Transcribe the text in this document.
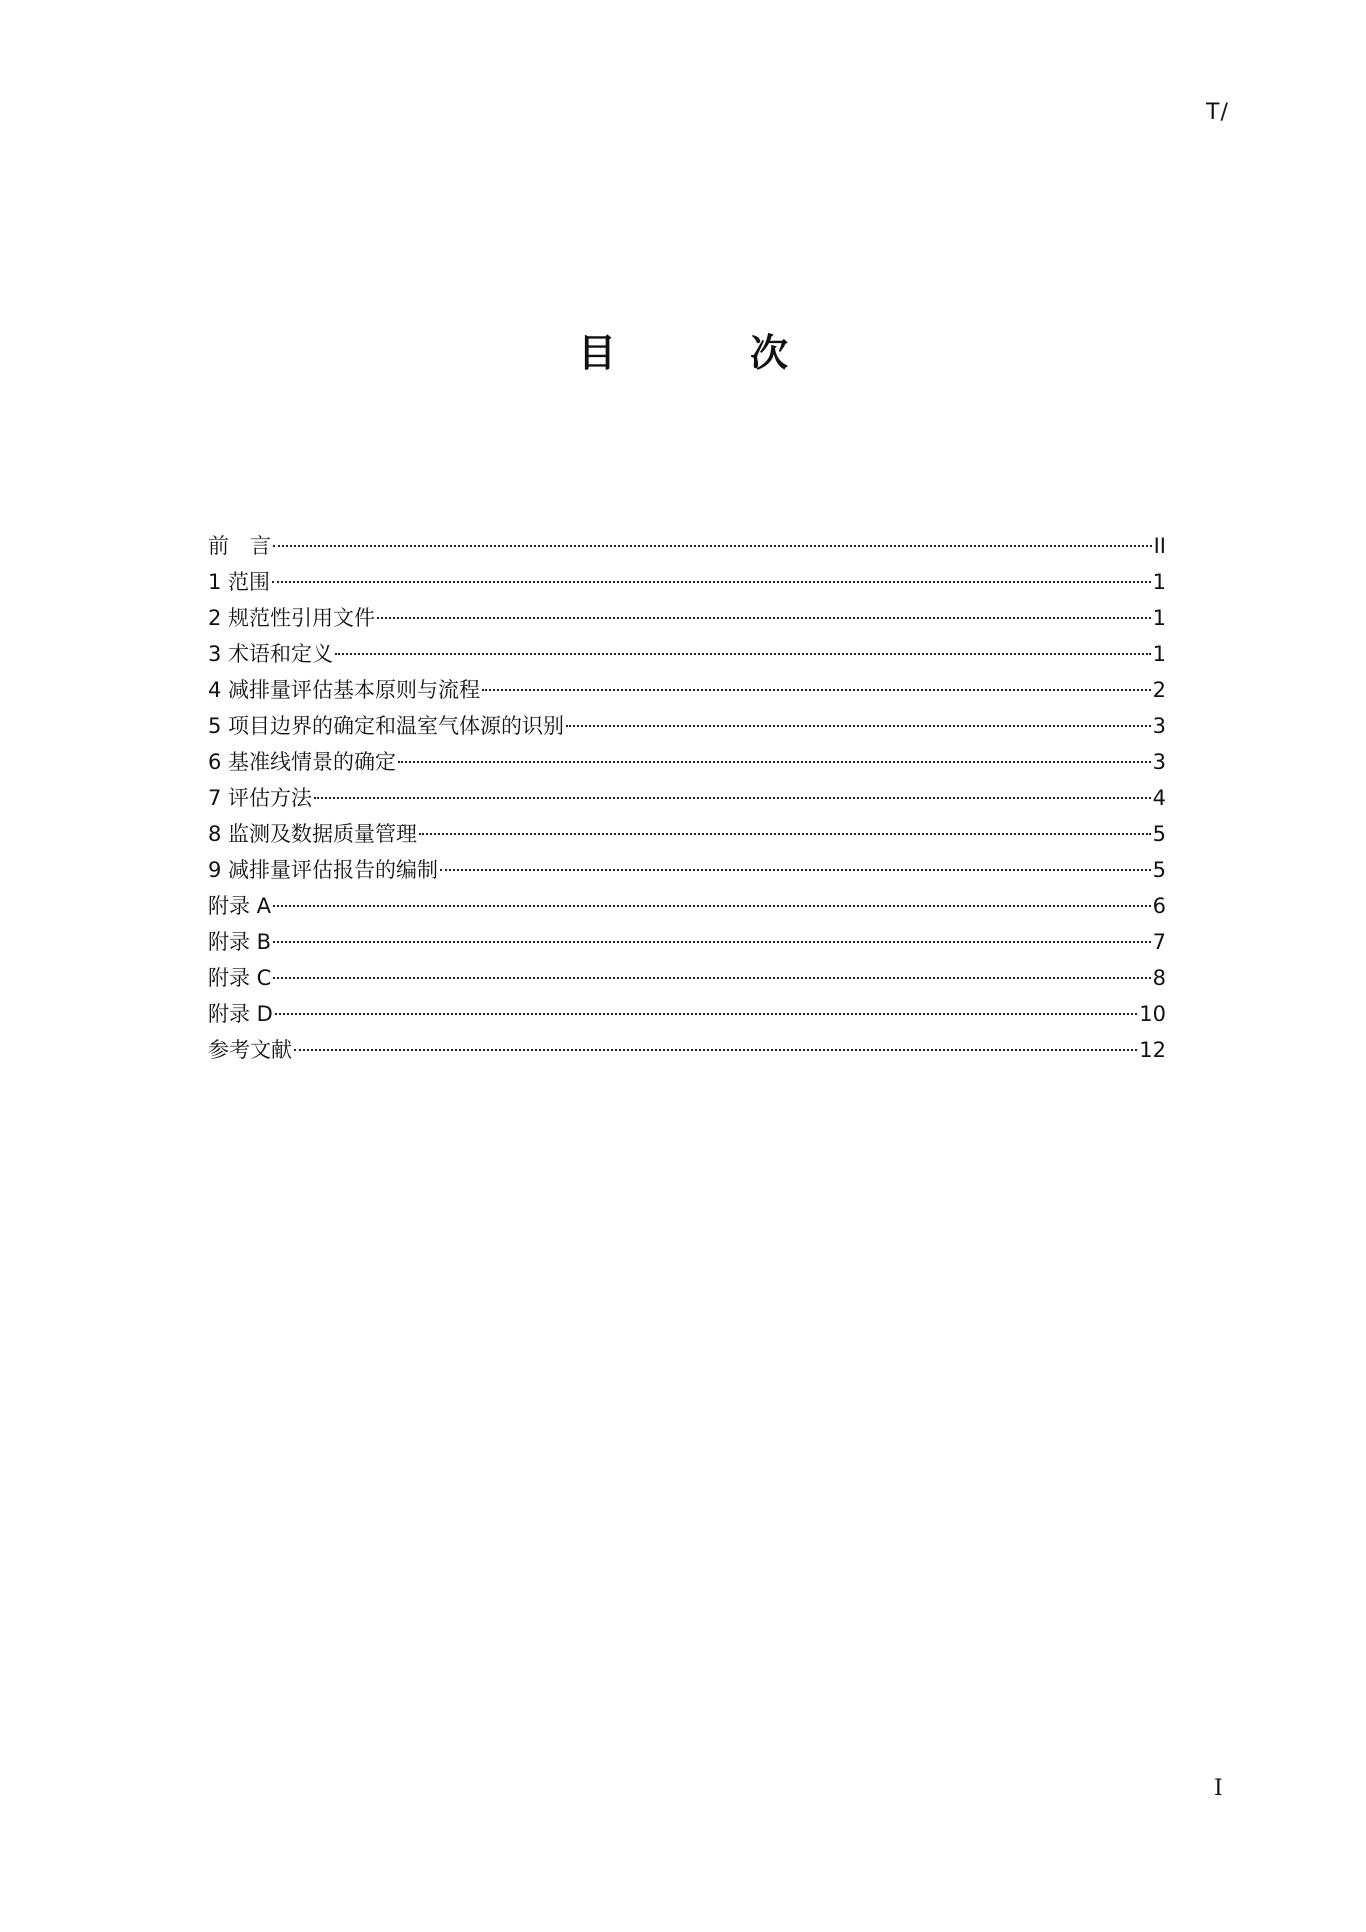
T/
目　次
前　言	II
1 范围	1
2 规范性引用文件	1
3 术语和定义	1
4 减排量评估基本原则与流程	2
5 项目边界的确定和温室气体源的识别	3
6 基准线情景的确定	3
7 评估方法	4
8 监测及数据质量管理	5
9 减排量评估报告的编制	5
附录 A	6
附录 B	7
附录 C	8
附录 D	10
参考文献	12
I
